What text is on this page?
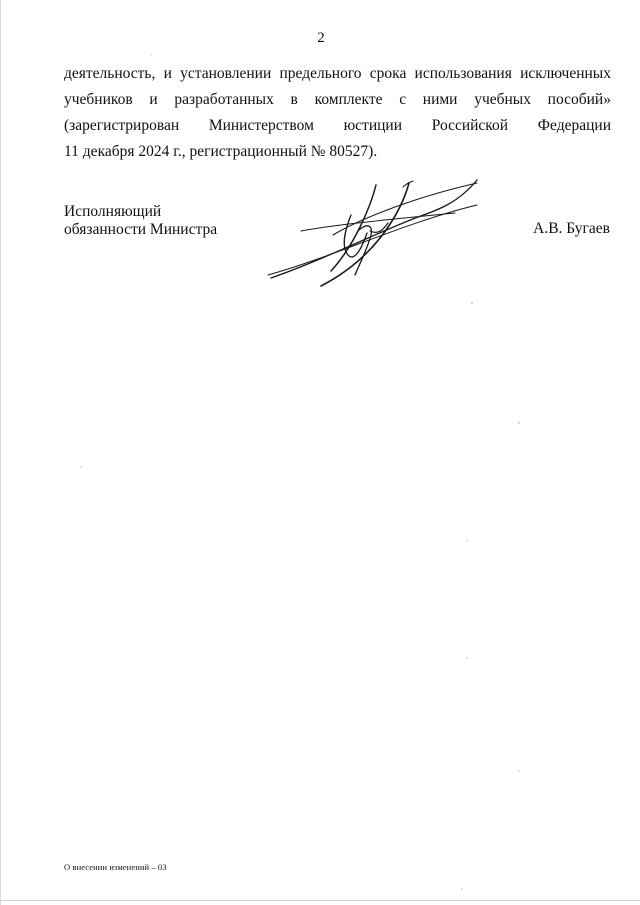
2
деятельность, и установлении предельного срока использования исключенных
учебников и разработанных в комплекте с ними учебных пособий»
(зарегистрирован Министерством юстиции Российской Федерации
11 декабря 2024 г., регистрационный № 80527).
Исполняющий
обязанности Министра	А.В. Бугаев
О внесении изменений – 03
